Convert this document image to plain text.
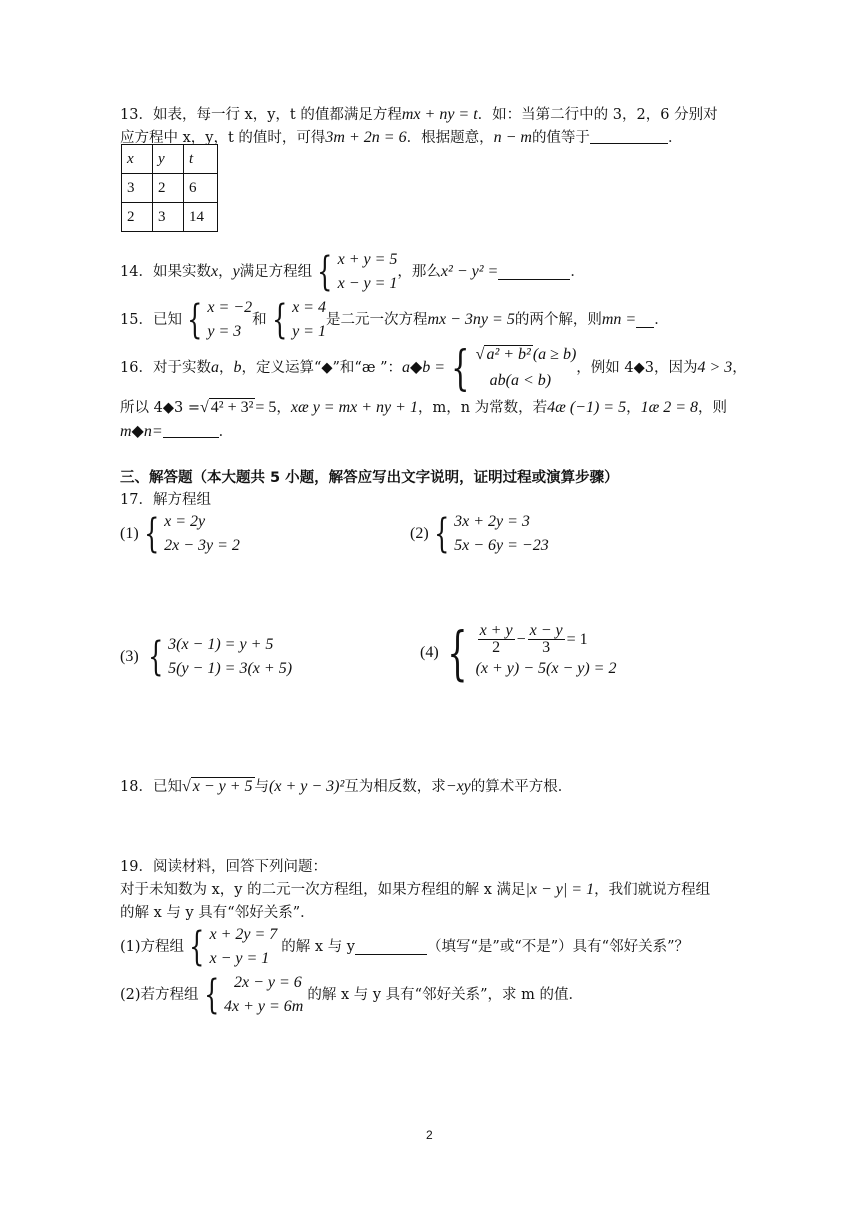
13．如表，每一行 x，y，t 的值都满足方程mx + ny = t．如：当第二行中的 3，2，6 分别对
应方程中 x，y，t 的值时，可得3m + 2n = 6．根据题意，n − m的值等于	．
x	y	t
3	2	6
2	3	14
14．如果实数 x ， y 满足方程组 { x + y = 5
x − y = 1
，那么 x² − y² =	．
15．已知 { x = −2
y = 3
和 { x = 4
y = 1
是二元一次方程 mx − 3ny = 5 的两个解，则 mn = ．
16．对于实数 a ， b ，定义运算“◆”和“æ ”： a◆b = { √ a² + b² (a ≥ b)
ab(a < b)
，例如 4◆3，因为 4 > 3 ，
所以 4◆3 =√ 4² + 3² = 5，xæ y = mx + ny + 1，m，n 为常数，若4æ (−1) = 5，1æ 2 = 8，则
m◆n=	．
三、解答题（本大题共 5 小题，解答应写出文字说明，证明过程或演算步骤）
17．解方程组
(1) { x = 2y
2x − 3y = 2
(2) { 3x + 2y = 3
5x − 6y = −23
(3) { 3(x − 1) = y + 5
5(y − 1) = 3(x + 5)
(4) { $\frac{x + y}{2} - \frac{x - y}{3} = 1$
(x + y) − 5(x − y) = 2
18．已知√ x − y + 5 与(x + y − 3)²互为相反数，求−xy的算术平方根．
19．阅读材料，回答下列问题：
对于未知数为 x，y 的二元一次方程组，如果方程组的解 x 满足|x − y| = 1，我们就说方程组
的解 x 与 y 具有“邻好关系”．
(1)方程组 { x + 2y = 7
x − y = 1
的解 x 与 y	（填写“是”或“不是”）具有“邻好关系”？
(2)若方程组 { 2x − y = 6
4x + y = 6m
的解 x 与 y 具有“邻好关系”，求 m 的值．
2
